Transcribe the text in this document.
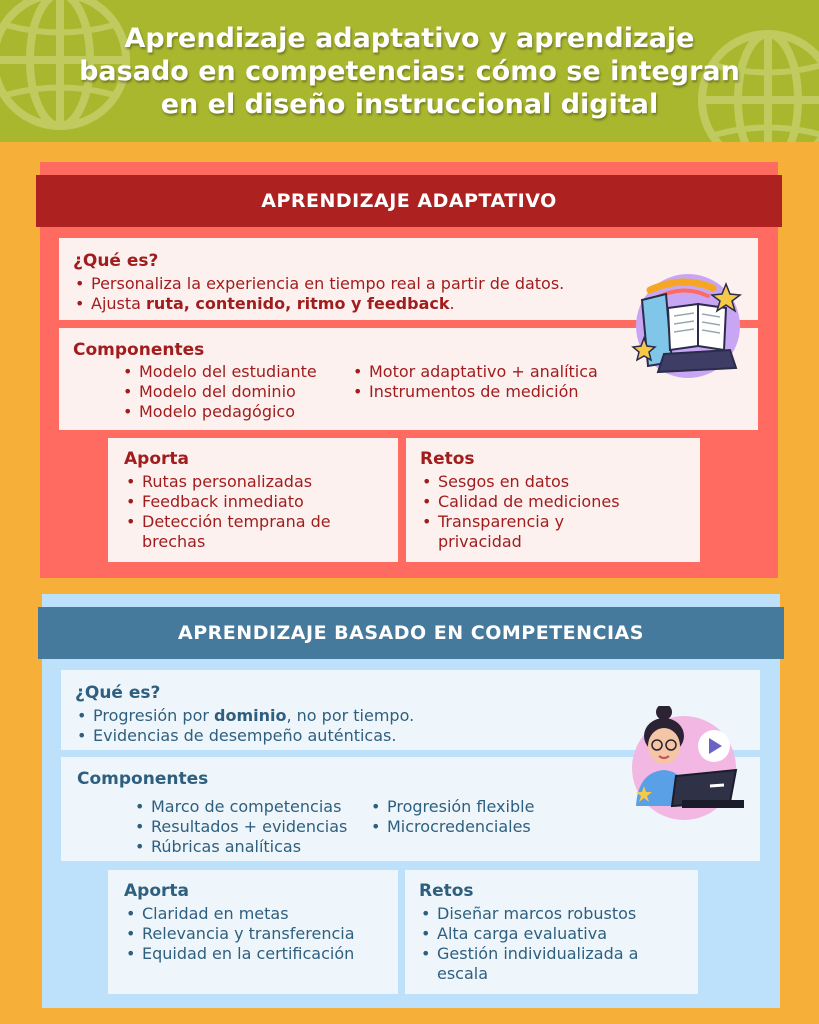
Aprendizaje adaptativo y aprendizaje
basado en competencias: cómo se integran
en el diseño instruccional digital
APRENDIZAJE ADAPTATIVO
¿Qué es?
• Personaliza la experiencia en tiempo real a partir de datos.
• Ajusta ruta, contenido, ritmo y feedback.
Componentes
• Modelo del estudiante
• Modelo del dominio
• Modelo pedagógico
• Motor adaptativo + analítica
• Instrumentos de medición
Aporta
• Rutas personalizadas
• Feedback inmediato
• Detección temprana de brechas
Retos
• Sesgos en datos
• Calidad de mediciones
• Transparencia y privacidad
APRENDIZAJE BASADO EN COMPETENCIAS
¿Qué es?
• Progresión por dominio, no por tiempo.
• Evidencias de desempeño auténticas.
Componentes
• Marco de competencias
• Resultados + evidencias
• Rúbricas analíticas
• Progresión flexible
• Microcredenciales
Aporta
• Claridad en metas
• Relevancia y transferencia
• Equidad en la certificación
Retos
• Diseñar marcos robustos
• Alta carga evaluativa
• Gestión individualizada a escala
